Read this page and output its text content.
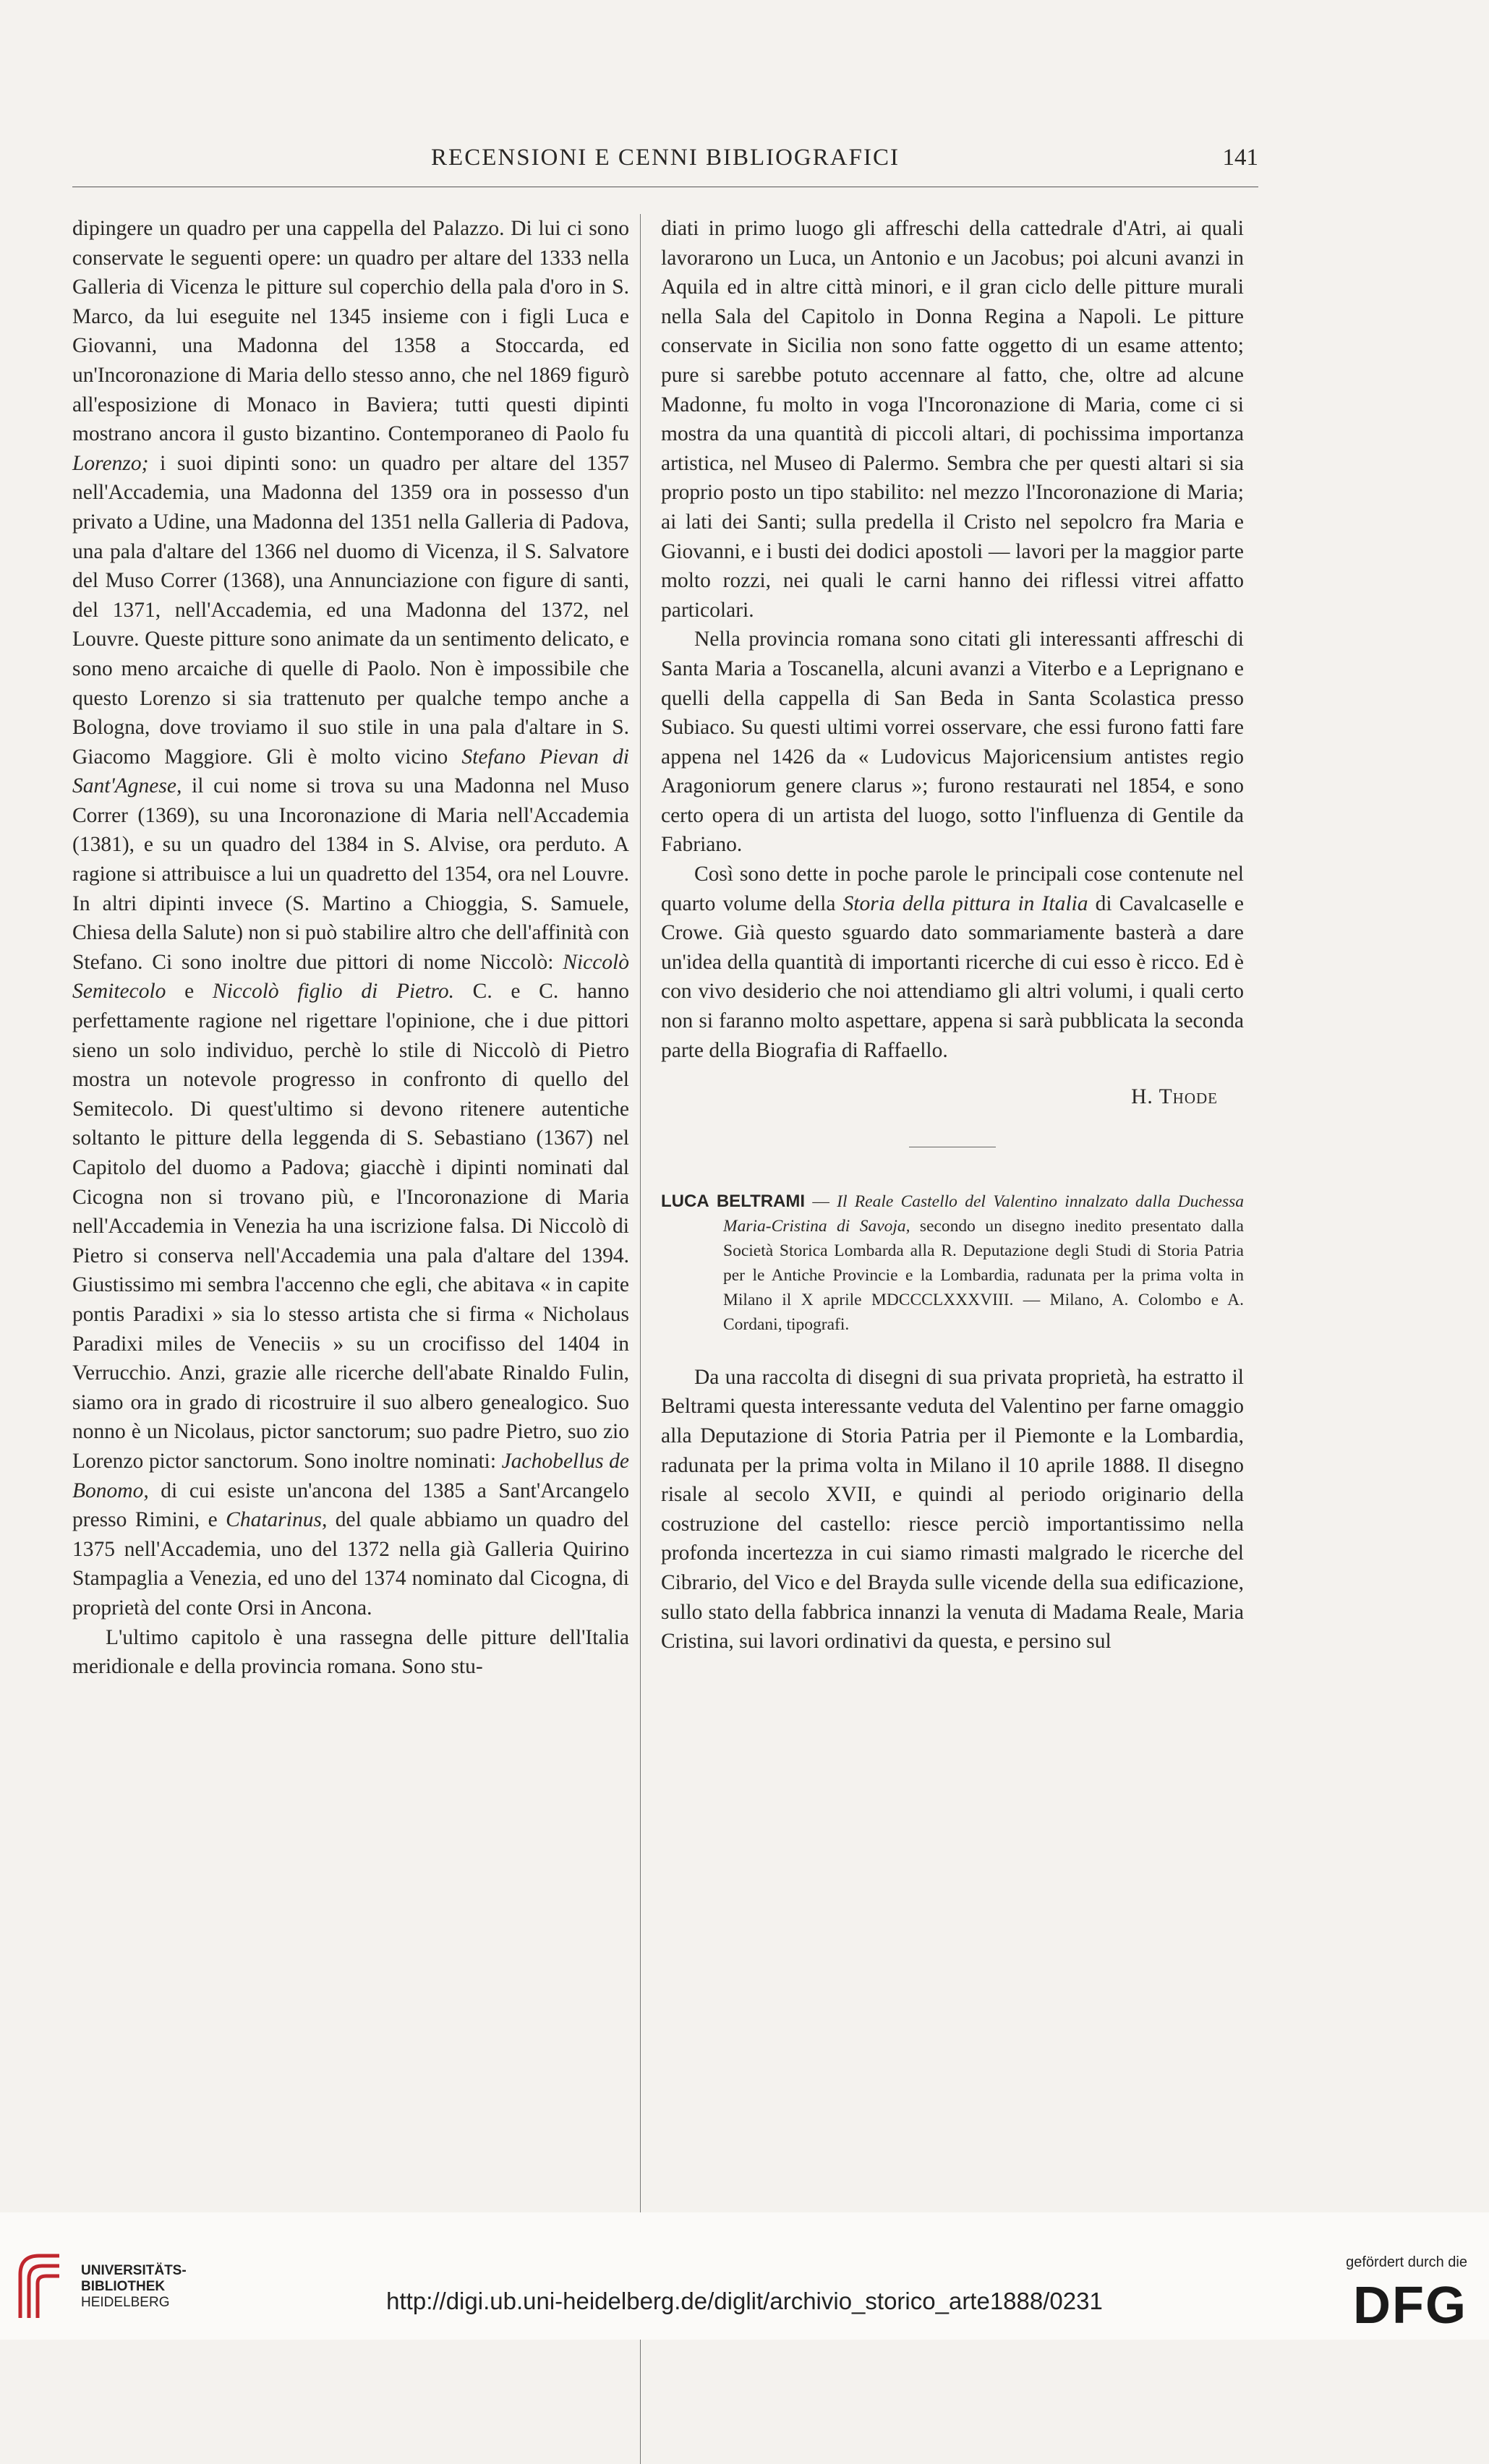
RECENSIONI E CENNI BIBLIOGRAFICI	141

dipingere un quadro per una cappella del Palazzo. Di lui ci sono conservate le seguenti opere: un quadro per altare del 1333 nella Galleria di Vicenza le pitture sul coperchio della pala d'oro in S. Marco, da lui eseguite nel 1345 insieme con i figli Luca e Giovanni, una Madonna del 1358 a Stoccarda, ed un'Incoronazione di Maria dello stesso anno, che nel 1869 figurò all'esposizione di Monaco in Baviera; tutti questi dipinti mostrano ancora il gusto bizantino. Contemporaneo di Paolo fu Lorenzo; i suoi dipinti sono: un quadro per altare del 1357 nell'Accademia, una Madonna del 1359 ora in possesso d'un privato a Udine, una Madonna del 1351 nella Galleria di Padova, una pala d'altare del 1366 nel duomo di Vicenza, il S. Salvatore del Muso Correr (1368), una Annunciazione con figure di santi, del 1371, nell'Accademia, ed una Madonna del 1372, nel Louvre. Queste pitture sono animate da un sentimento delicato, e sono meno arcaiche di quelle di Paolo. Non è impossibile che questo Lorenzo si sia trattenuto per qualche tempo anche a Bologna, dove troviamo il suo stile in una pala d'altare in S. Giacomo Maggiore. Gli è molto vicino Stefano Pievan di Sant'Agnese, il cui nome si trova su una Madonna nel Muso Correr (1369), su una Incoronazione di Maria nell'Accademia (1381), e su un quadro del 1384 in S. Alvise, ora perduto. A ragione si attribuisce a lui un quadretto del 1354, ora nel Louvre. In altri dipinti invece (S. Martino a Chioggia, S. Samuele, Chiesa della Salute) non si può stabilire altro che dell'affinità con Stefano. Ci sono inoltre due pittori di nome Niccolò: Niccolò Semitecolo e Niccolò figlio di Pietro. C. e C. hanno perfettamente ragione nel rigettare l'opinione, che i due pittori sieno un solo individuo, perchè lo stile di Niccolò di Pietro mostra un notevole progresso in confronto di quello del Semitecolo. Di quest'ultimo si devono ritenere autentiche soltanto le pitture della leggenda di S. Sebastiano (1367) nel Capitolo del duomo a Padova; giacchè i dipinti nominati dal Cicogna non si trovano più, e l'Incoronazione di Maria nell'Accademia in Venezia ha una iscrizione falsa. Di Niccolò di Pietro si conserva nell'Accademia una pala d'altare del 1394. Giustissimo mi sembra l'accenno che egli, che abitava « in capite pontis Paradixi » sia lo stesso artista che si firma « Nicholaus Paradixi miles de Veneciis » su un crocifisso del 1404 in Verrucchio. Anzi, grazie alle ricerche dell'abate Rinaldo Fulin, siamo ora in grado di ricostruire il suo albero genealogico. Suo nonno è un Nicolaus, pictor sanctorum; suo padre Pietro, suo zio Lorenzo pictor sanctorum. Sono inoltre nominati: Jachobellus de Bonomo, di cui esiste un'ancona del 1385 a Sant'Arcangelo presso Rimini, e Chatarinus, del quale abbiamo un quadro del 1375 nell'Accademia, uno del 1372 nella già Galleria Quirino Stampaglia a Venezia, ed uno del 1374 nominato dal Cicogna, di proprietà del conte Orsi in Ancona.

L'ultimo capitolo è una rassegna delle pitture dell'Italia meridionale e della provincia romana. Sono stu-

diati in primo luogo gli affreschi della cattedrale d'Atri, ai quali lavorarono un Luca, un Antonio e un Jacobus; poi alcuni avanzi in Aquila ed in altre città minori, e il gran ciclo delle pitture murali nella Sala del Capitolo in Donna Regina a Napoli. Le pitture conservate in Sicilia non sono fatte oggetto di un esame attento; pure si sarebbe potuto accennare al fatto, che, oltre ad alcune Madonne, fu molto in voga l'Incoronazione di Maria, come ci si mostra da una quantità di piccoli altari, di pochissima importanza artistica, nel Museo di Palermo. Sembra che per questi altari si sia proprio posto un tipo stabilito: nel mezzo l'Incoronazione di Maria; ai lati dei Santi; sulla predella il Cristo nel sepolcro fra Maria e Giovanni, e i busti dei dodici apostoli — lavori per la maggior parte molto rozzi, nei quali le carni hanno dei riflessi vitrei affatto particolari.

Nella provincia romana sono citati gli interessanti affreschi di Santa Maria a Toscanella, alcuni avanzi a Viterbo e a Leprignano e quelli della cappella di San Beda in Santa Scolastica presso Subiaco. Su questi ultimi vorrei osservare, che essi furono fatti fare appena nel 1426 da « Ludovicus Majoricensium antistes regio Aragoniorum genere clarus »; furono restaurati nel 1854, e sono certo opera di un artista del luogo, sotto l'influenza di Gentile da Fabriano.

Così sono dette in poche parole le principali cose contenute nel quarto volume della Storia della pittura in Italia di Cavalcaselle e Crowe. Già questo sguardo dato sommariamente basterà a dare un'idea della quantità di importanti ricerche di cui esso è ricco. Ed è con vivo desiderio che noi attendiamo gli altri volumi, i quali certo non si faranno molto aspettare, appena si sarà pubblicata la seconda parte della Biografia di Raffaello.

H. Thode

LUCA BELTRAMI — Il Reale Castello del Valentino innalzato dalla Duchessa Maria-Cristina di Savoja, secondo un disegno inedito presentato dalla Società Storica Lombarda alla R. Deputazione degli Studi di Storia Patria per le Antiche Provincie e la Lombardia, radunata per la prima volta in Milano il X aprile MDCCCLXXXVIII. — Milano, A. Colombo e A. Cordani, tipografi.

Da una raccolta di disegni di sua privata proprietà, ha estratto il Beltrami questa interessante veduta del Valentino per farne omaggio alla Deputazione di Storia Patria per il Piemonte e la Lombardia, radunata per la prima volta in Milano il 10 aprile 1888. Il disegno risale al secolo XVII, e quindi al periodo originario della costruzione del castello: riesce perciò importantissimo nella profonda incertezza in cui siamo rimasti malgrado le ricerche del Cibrario, del Vico e del Brayda sulle vicende della sua edificazione, sullo stato della fabbrica innanzi la venuta di Madama Reale, Maria Cristina, sui lavori ordinativi da questa, e persino sul

UNIVERSITÄTS-
BIBLIOTHEK
HEIDELBERG	http://digi.ub.uni-heidelberg.de/diglit/archivio_storico_arte1888/0231
gefördert durch die
DFG
